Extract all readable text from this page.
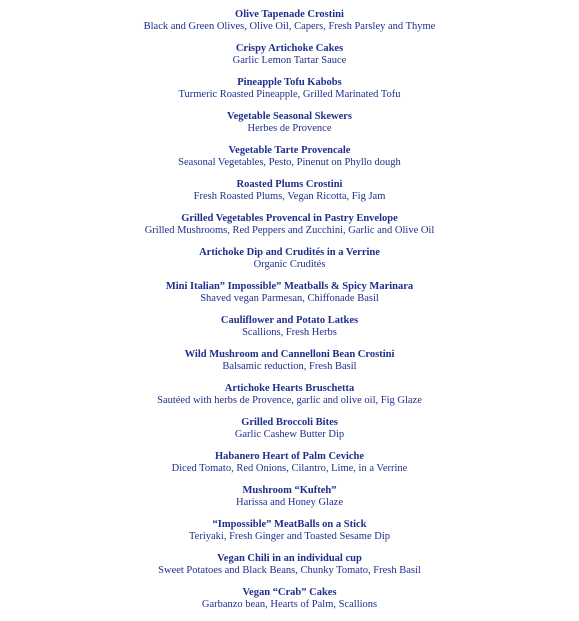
Olive Tapenade Crostini
Black and Green Olives, Olive Oil, Capers, Fresh Parsley and Thyme
Crispy Artichoke Cakes
Garlic Lemon Tartar Sauce
Pineapple Tofu Kabobs
Turmeric Roasted Pineapple, Grilled Marinated Tofu
Vegetable Seasonal Skewers
Herbes de Provence
Vegetable Tarte Provencale
Seasonal Vegetables, Pesto, Pinenut on Phyllo dough
Roasted Plums Crostini
Fresh Roasted Plums, Vegan Ricotta, Fig Jam
Grilled Vegetables Provencal in Pastry Envelope
Grilled Mushrooms, Red Peppers and Zucchini, Garlic and Olive Oil
Artichoke Dip and Crudités in a Verrine
Organic Crudités
Mini Italian” Impossible” Meatballs & Spicy Marinara
Shaved vegan Parmesan, Chiffonade Basil
Cauliflower and Potato Latkes
Scallions, Fresh Herbs
Wild Mushroom and Cannelloni Bean Crostini
Balsamic reduction, Fresh Basil
Artichoke Hearts Bruschetta
Sautéed with herbs de Provence, garlic and olive oil, Fig Glaze
Grilled Broccoli Bites
Garlic Cashew Butter Dip
Habanero Heart of Palm Ceviche
Diced Tomato, Red Onions, Cilantro, Lime, in a Verrine
Mushroom “Kufteh”
Harissa and Honey Glaze
“Impossible” MeatBalls on a Stick
Teriyaki, Fresh Ginger and Toasted Sesame Dip
Vegan Chili in an individual cup
Sweet Potatoes and Black Beans, Chunky Tomato, Fresh Basil
Vegan “Crab” Cakes
Garbanzo bean, Hearts of Palm, Scallions
